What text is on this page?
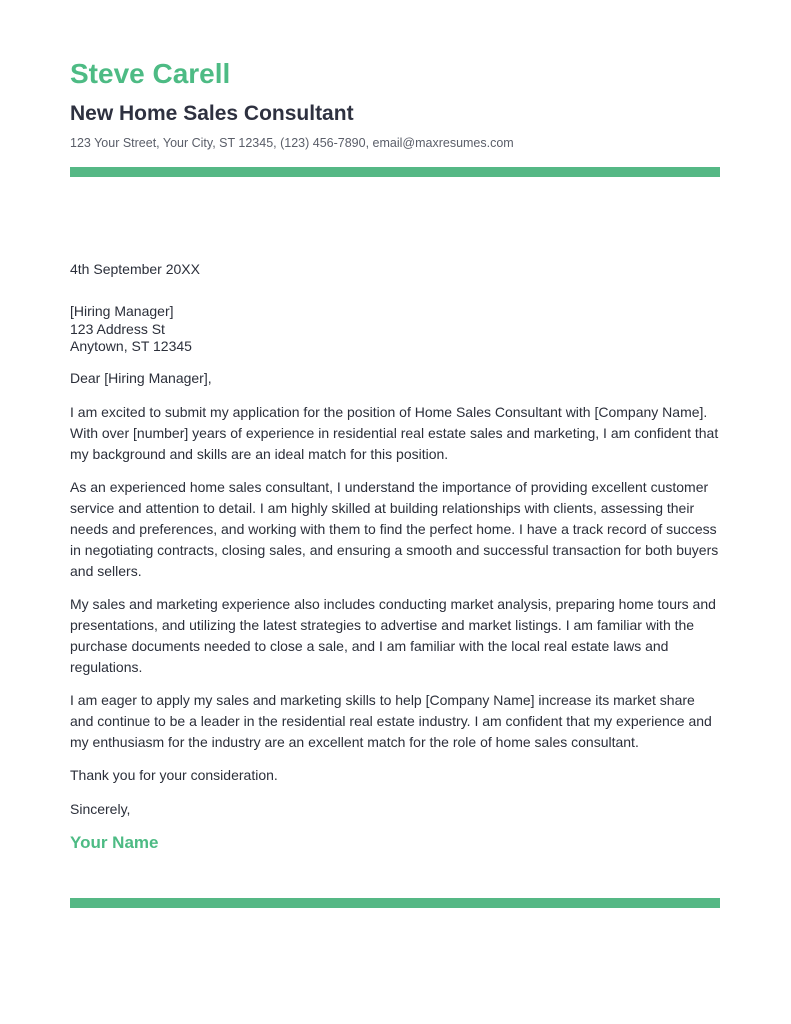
Steve Carell
New Home Sales Consultant
123 Your Street, Your City, ST 12345, (123) 456-7890, email@maxresumes.com
4th September 20XX
[Hiring Manager]
123 Address St
Anytown, ST 12345
Dear [Hiring Manager],

I am excited to submit my application for the position of Home Sales Consultant with [Company Name]. With over [number] years of experience in residential real estate sales and marketing, I am confident that my background and skills are an ideal match for this position.

As an experienced home sales consultant, I understand the importance of providing excellent customer service and attention to detail. I am highly skilled at building relationships with clients, assessing their needs and preferences, and working with them to find the perfect home. I have a track record of success in negotiating contracts, closing sales, and ensuring a smooth and successful transaction for both buyers and sellers.

My sales and marketing experience also includes conducting market analysis, preparing home tours and presentations, and utilizing the latest strategies to advertise and market listings. I am familiar with the purchase documents needed to close a sale, and I am familiar with the local real estate laws and regulations.

I am eager to apply my sales and marketing skills to help [Company Name] increase its market share and continue to be a leader in the residential real estate industry. I am confident that my experience and my enthusiasm for the industry are an excellent match for the role of home sales consultant.

Thank you for your consideration.
Sincerely,
Your Name
